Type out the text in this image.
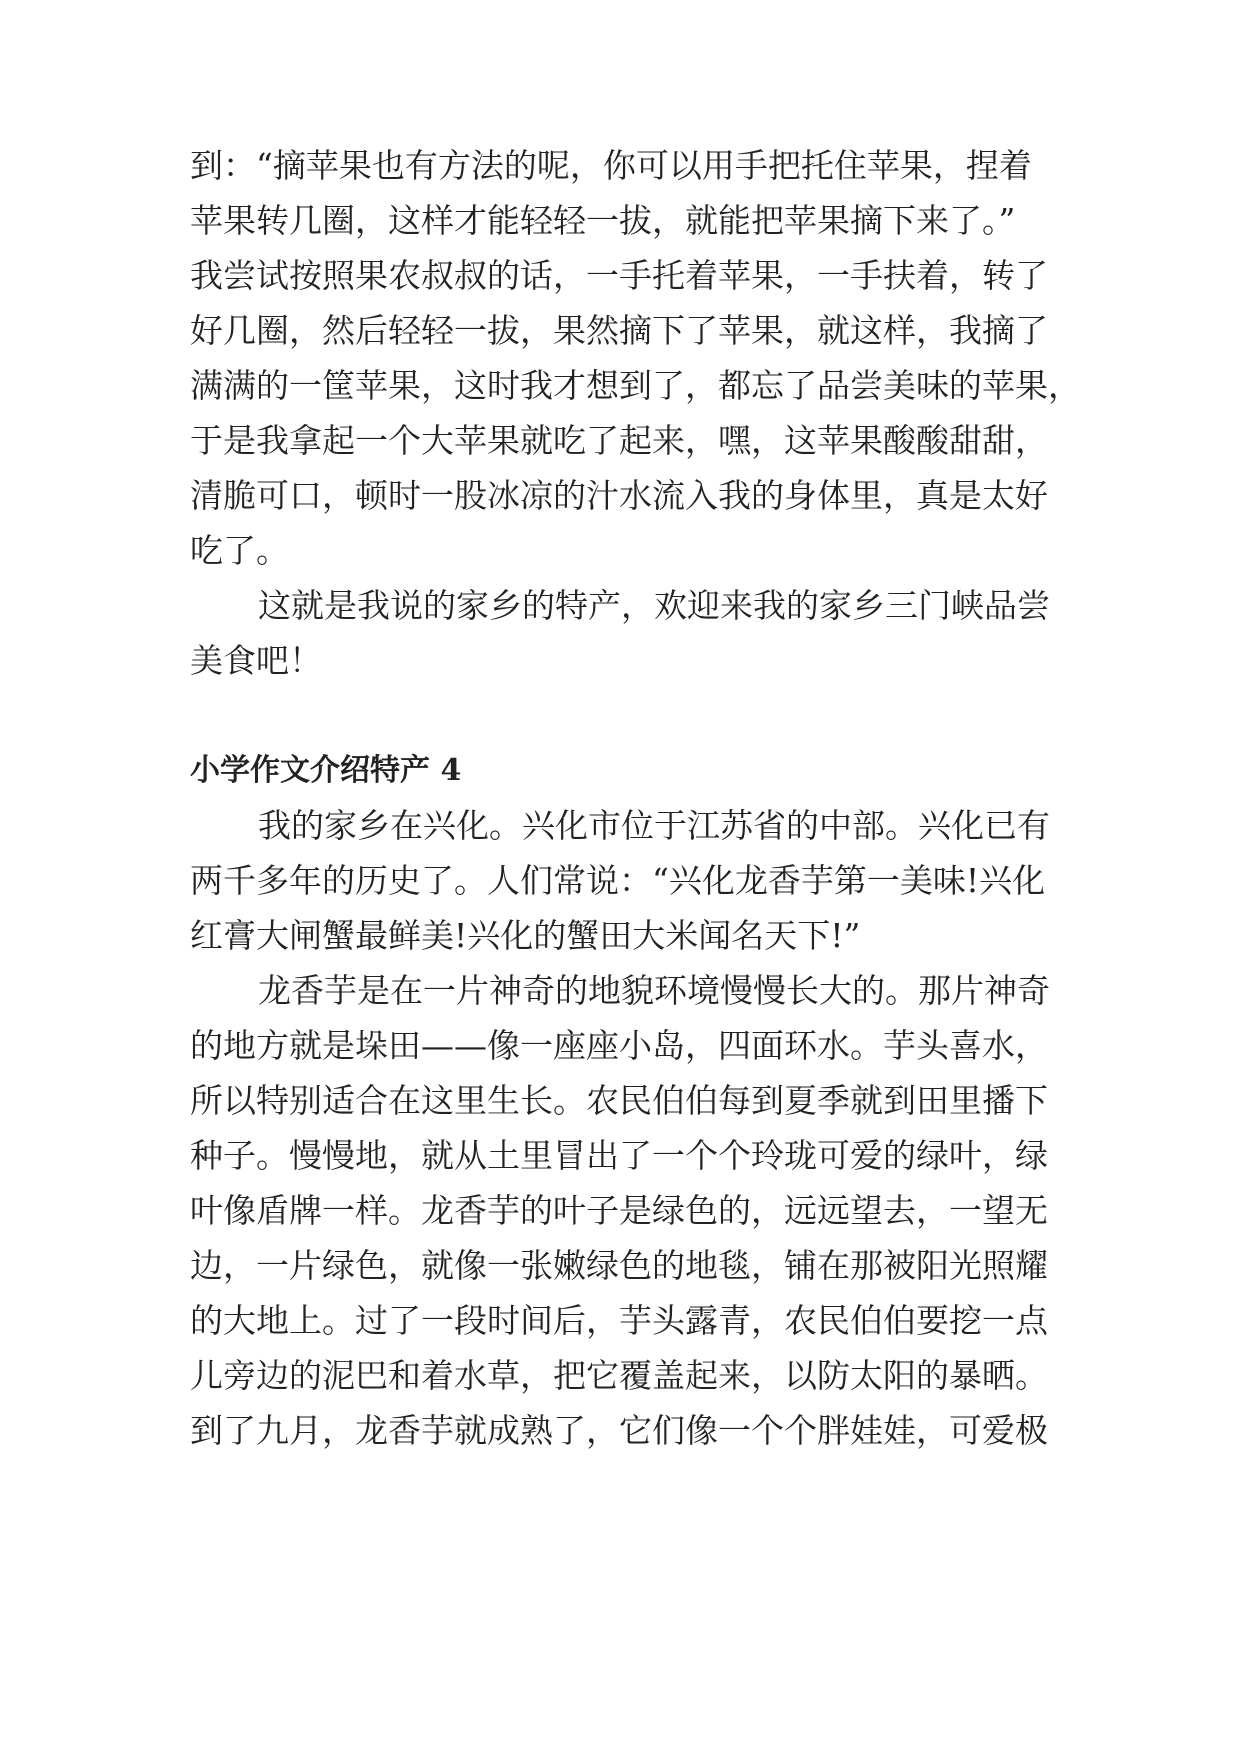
到：“摘苹果也有方法的呢，你可以用手把托住苹果，捏着

苹果转几圈，这样才能轻轻一拔，就能把苹果摘下来了。”

我尝试按照果农叔叔的话，一手托着苹果，一手扶着，转了

好几圈，然后轻轻一拔，果然摘下了苹果，就这样，我摘了

满满的一筐苹果，这时我才想到了，都忘了品尝美味的苹果，

于是我拿起一个大苹果就吃了起来，嘿，这苹果酸酸甜甜，

清脆可口，顿时一股冰凉的汁水流入我的身体里，真是太好

吃了。

这就是我说的家乡的特产，欢迎来我的家乡三门峡品尝

美食吧！

小学作文介绍特产 4

我的家乡在兴化。兴化市位于江苏省的中部。兴化已有

两千多年的历史了。人们常说：“兴化龙香芋第一美味!兴化

红膏大闸蟹最鲜美!兴化的蟹田大米闻名天下!”

龙香芋是在一片神奇的地貌环境慢慢长大的。那片神奇

的地方就是垛田——像一座座小岛，四面环水。芋头喜水，

所以特别适合在这里生长。农民伯伯每到夏季就到田里播下

种子。慢慢地，就从土里冒出了一个个玲珑可爱的绿叶，绿

叶像盾牌一样。龙香芋的叶子是绿色的，远远望去，一望无

边，一片绿色，就像一张嫩绿色的地毯，铺在那被阳光照耀

的大地上。过了一段时间后，芋头露青，农民伯伯要挖一点

儿旁边的泥巴和着水草，把它覆盖起来，以防太阳的暴晒。

到了九月，龙香芋就成熟了，它们像一个个胖娃娃，可爱极
